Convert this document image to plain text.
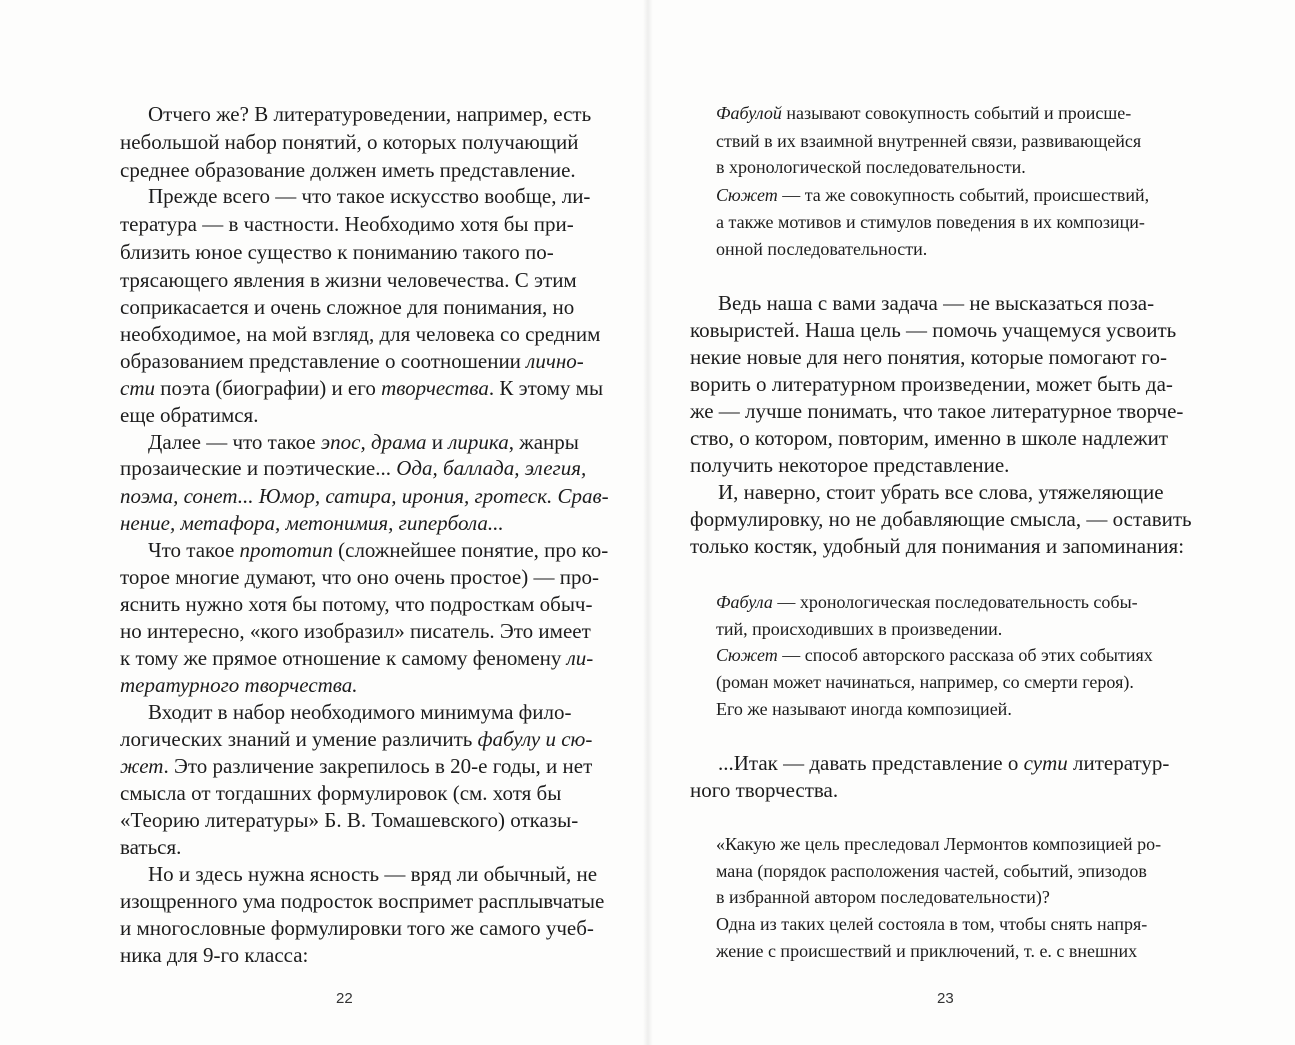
22
Отчего же? В литературоведении, например, есть
небольшой набор понятий, о которых получающий
среднее образование должен иметь представление.
Прежде всего — что такое искусство вообще, ли-
тература — в частности. Необходимо хотя бы при-
близить юное существо к пониманию такого по-
трясающего явления в жизни человечества. С этим
соприкасается и очень сложное для понимания, но
необходимое, на мой взгляд, для человека со средним
образованием представление о соотношении лично-
сти поэта (биографии) и его творчества. К этому мы
еще обратимся.
Далее — что такое эпос, драма и лирика, жанры
прозаические и поэтические... Ода, баллада, элегия,
поэма, сонет... Юмор, сатира, ирония, гротеск. Срав-
нение, метафора, метонимия, гипербола...
Что такое прототип (сложнейшее понятие, про ко-
торое многие думают, что оно очень простое) — про-
яснить нужно хотя бы потому, что подросткам обыч-
но интересно, «кого изобразил» писатель. Это имеет
к тому же прямое отношение к самому феномену ли-
тературного творчества.
Входит в набор необходимого минимума фило-
логических знаний и умение различить фабулу и сю-
жет. Это различение закрепилось в 20-е годы, и нет
смысла от тогдашних формулировок (см. хотя бы
«Теорию литературы» Б. В. Томашевского) отказы-
ваться.
Но и здесь нужна ясность — вряд ли обычный, не
изощренного ума подросток воспримет расплывчатые
и многословные формулировки того же самого учеб-
ника для 9-го класса:
23
Фабулой называют совокупность событий и происше-
ствий в их взаимной внутренней связи, развивающейся
в хронологической последовательности.
Сюжет — та же совокупность событий, происшествий,
а также мотивов и стимулов поведения в их композици-
онной последовательности.
Ведь наша с вами задача — не высказаться поза-
ковыристей. Наша цель — помочь учащемуся усвоить
некие новые для него понятия, которые помогают го-
ворить о литературном произведении, может быть да-
же — лучше понимать, что такое литературное творче-
ство, о котором, повторим, именно в школе надлежит
получить некоторое представление.
И, наверно, стоит убрать все слова, утяжеляющие
формулировку, но не добавляющие смысла, — оставить
только костяк, удобный для понимания и запоминания:
Фабула — хронологическая последовательность собы-
тий, происходивших в произведении.
Сюжет — способ авторского рассказа об этих событиях
(роман может начинаться, например, со смерти героя).
Его же называют иногда композицией.
...Итак — давать представление о сути литератур-
ного творчества.
«Какую же цель преследовал Лермонтов композицией ро-
мана (порядок расположения частей, событий, эпизодов
в избранной автором последовательности)?
Одна из таких целей состояла в том, чтобы снять напря-
жение с происшествий и приключений, т. е. с внешних
